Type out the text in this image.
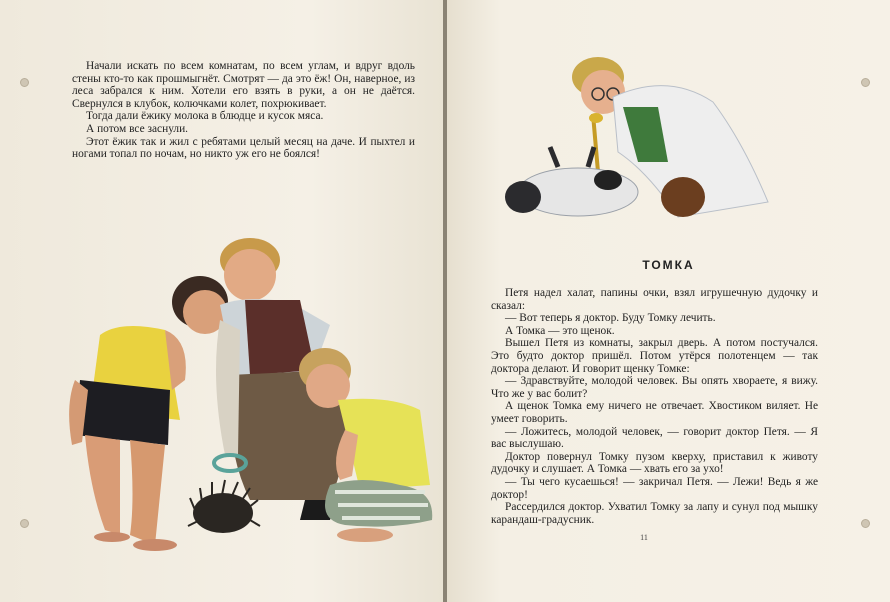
Начали искать по всем комнатам, по всем углам, и вдруг вдоль стены кто-то как прошмыгнёт. Смотрят — да это ёж! Он, наверное, из леса забрался к ним. Хотели его взять в руки, а он не даётся. Свернулся в клубок, колючками колет, похрюкивает.

Тогда дали ёжику молока в блюдце и кусок мяса.

А потом все заснули.

Этот ёжик так и жил с ребятами целый месяц на даче. И пыхтел и ногами топал по ночам, но никто уж его не боялся!

ТОМКА

Петя надел халат, папины очки, взял игрушечную дудочку и сказал:

— Вот теперь я доктор. Буду Томку лечить.

А Томка — это щенок.

Вышел Петя из комнаты, закрыл дверь. А потом постучался. Это будто доктор пришёл. Потом утёрся полотенцем — так доктора делают. И говорит щенку Томке:

— Здравствуйте, молодой человек. Вы опять хвораете, я вижу. Что же у вас болит?

А щенок Томка ему ничего не отвечает. Хвостиком виляет. Не умеет говорить.

— Ложитесь, молодой человек, — говорит доктор Петя. — Я вас выслушаю.

Доктор повернул Томку пузом кверху, приставил к животу дудочку и слушает. А Томка — хвать его за ухо!

— Ты чего кусаешься! — закричал Петя. — Лежи! Ведь я же доктор!

Рассердился доктор. Ухватил Томку за лапу и сунул под мышку карандаш-градусник.

11
